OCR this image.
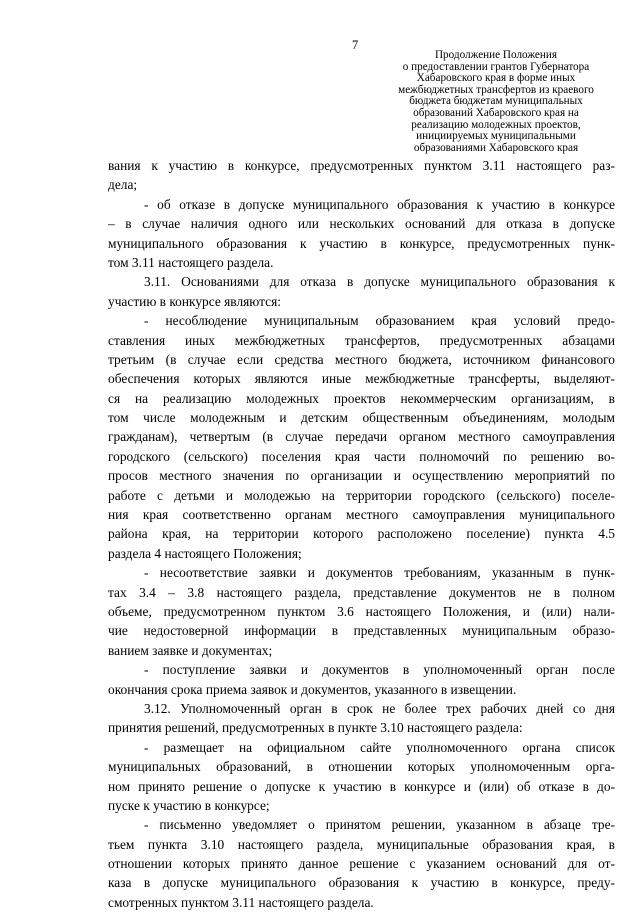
7
Продолжение Положения
о предоставлении грантов Губернатора
Хабаровского края в форме иных
межбюджетных трансфертов из краевого
бюджета бюджетам муниципальных
образований Хабаровского края на
реализацию молодежных проектов,
инициируемых муниципальными
образованиями Хабаровского края
вания к участию в конкурсе, предусмотренных пунктом 3.11 настоящего раз-
дела;
- об отказе в допуске муниципального образования к участию в конкурсе
– в случае наличия одного или нескольких оснований для отказа в допуске
муниципального образования к участию в конкурсе, предусмотренных пунк-
том 3.11 настоящего раздела.
3.11. Основаниями для отказа в допуске муниципального образования к
участию в конкурсе являются:
- несоблюдение муниципальным образованием края условий предо-
ставления иных межбюджетных трансфертов, предусмотренных абзацами
третьим (в случае если средства местного бюджета, источником финансового
обеспечения которых являются иные межбюджетные трансферты, выделяют-
ся на реализацию молодежных проектов некоммерческим организациям, в
том числе молодежным и детским общественным объединениям, молодым
гражданам), четвертым (в случае передачи органом местного самоуправления
городского (сельского) поселения края части полномочий по решению во-
просов местного значения по организации и осуществлению мероприятий по
работе с детьми и молодежью на территории городского (сельского) поселе-
ния края соответственно органам местного самоуправления муниципального
района края, на территории которого расположено поселение) пункта 4.5
раздела 4 настоящего Положения;
- несоответствие заявки и документов требованиям, указанным в пунк-
тах 3.4 – 3.8 настоящего раздела, представление документов не в полном
объеме, предусмотренном пунктом 3.6 настоящего Положения, и (или) нали-
чие недостоверной информации в представленных муниципальным образо-
ванием заявке и документах;
- поступление заявки и документов в уполномоченный орган после
окончания срока приема заявок и документов, указанного в извещении.
3.12. Уполномоченный орган в срок не более трех рабочих дней со дня
принятия решений, предусмотренных в пункте 3.10 настоящего раздела:
- размещает на официальном сайте уполномоченного органа список
муниципальных образований, в отношении которых уполномоченным орга-
ном принято решение о допуске к участию в конкурсе и (или) об отказе в до-
пуске к участию в конкурсе;
- письменно уведомляет о принятом решении, указанном в абзаце тре-
тьем пункта 3.10 настоящего раздела, муниципальные образования края, в
отношении которых принято данное решение с указанием оснований для от-
каза в допуске муниципального образования к участию в конкурсе, преду-
смотренных пунктом 3.11 настоящего раздела.
